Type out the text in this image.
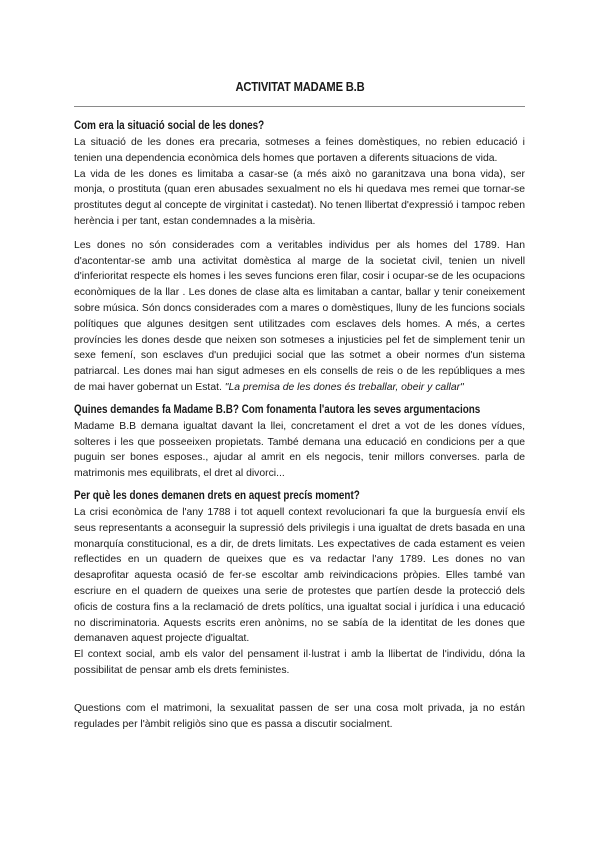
ACTIVITAT MADAME B.B
Com era la situació social de les dones?

La situació de les dones era precaria, sotmeses a feines domèstiques, no rebien educació i tenien una dependencia econòmica dels homes que portaven a diferents situacions de vida.

La vida de les dones es limitaba a casar-se (a més això no garanitzava una bona vida), ser monja, o prostituta (quan eren abusades sexualment no els hi quedava mes remei que tornar-se prostitutes degut al concepte de virginitat i castedat). No tenen llibertat d'expressió i tampoc reben herència i per tant, estan condemnades a la misèria.

Les dones no són considerades com a veritables individus per als homes del 1789. Han d'acontentar-se amb una activitat domèstica al marge de la societat civil, tenien un nivell d'inferioritat respecte els homes i les seves funcions eren filar, cosir i ocupar-se de les ocupacions econòmiques de la llar . Les dones de clase alta es limitaban a cantar, ballar y tenir coneixement sobre música. Són doncs considerades com a mares o domèstiques, lluny de les funcions socials polítiques que algunes desitgen sent utilitzades com esclaves dels homes. A més, a certes províncies les dones desde que neixen son sotmeses a injusticies pel fet de simplement tenir un sexe femení, son esclaves d'un predujici social que las sotmet a obeir normes d'un sistema patriarcal. Les dones mai han sigut admeses en els consells de reis o de les repúbliques a mes de mai haver gobernat un Estat. "La premisa de les dones és treballar, obeir y callar"

Quines demandes fa Madame B.B? Com fonamenta l'autora les seves argumentacions

Madame B.B demana igualtat davant la llei, concretament el dret a vot de les dones vídues, solteres i les que posseeixen propietats. També demana una educació en condicions per a que puguin ser bones esposes., ajudar al amrit en els negocis, tenir millors converses. parla de matrimonis mes equilibrats, el dret al divorci...

Per què les dones demanen drets en aquest precís moment?

La crisi econòmica de l'any 1788 i tot aquell context revolucionari fa que la burguesía envií els seus representants a aconseguir la supressió dels privilegis i una igualtat de drets basada en una monarquía constitucional, es a dir, de drets limitats. Les expectatives de cada estament es veien reflectides en un quadern de queixes que es va redactar l'any 1789. Les dones no van desaprofitar aquesta ocasió de fer-se escoltar amb reivindicacions pròpies. Elles també van escriure en el quadern de queixes una serie de protestes que partíen desde la protecció dels oficis de costura fins a la reclamació de drets polítics, una igualtat social i jurídica i una educació no discriminatoria. Aquests escrits eren anònims, no se sabía de la identitat de les dones que demanaven aquest projecte d'igualtat.

El context social, amb els valor del pensament il·lustrat i amb la llibertat de l'individu, dóna la possibilitat de pensar amb els drets feministes.

Questions com el matrimoni, la sexualitat passen de ser una cosa molt privada, ja no están regulades per l'àmbit religiòs sino que es passa a discutir socialment.
